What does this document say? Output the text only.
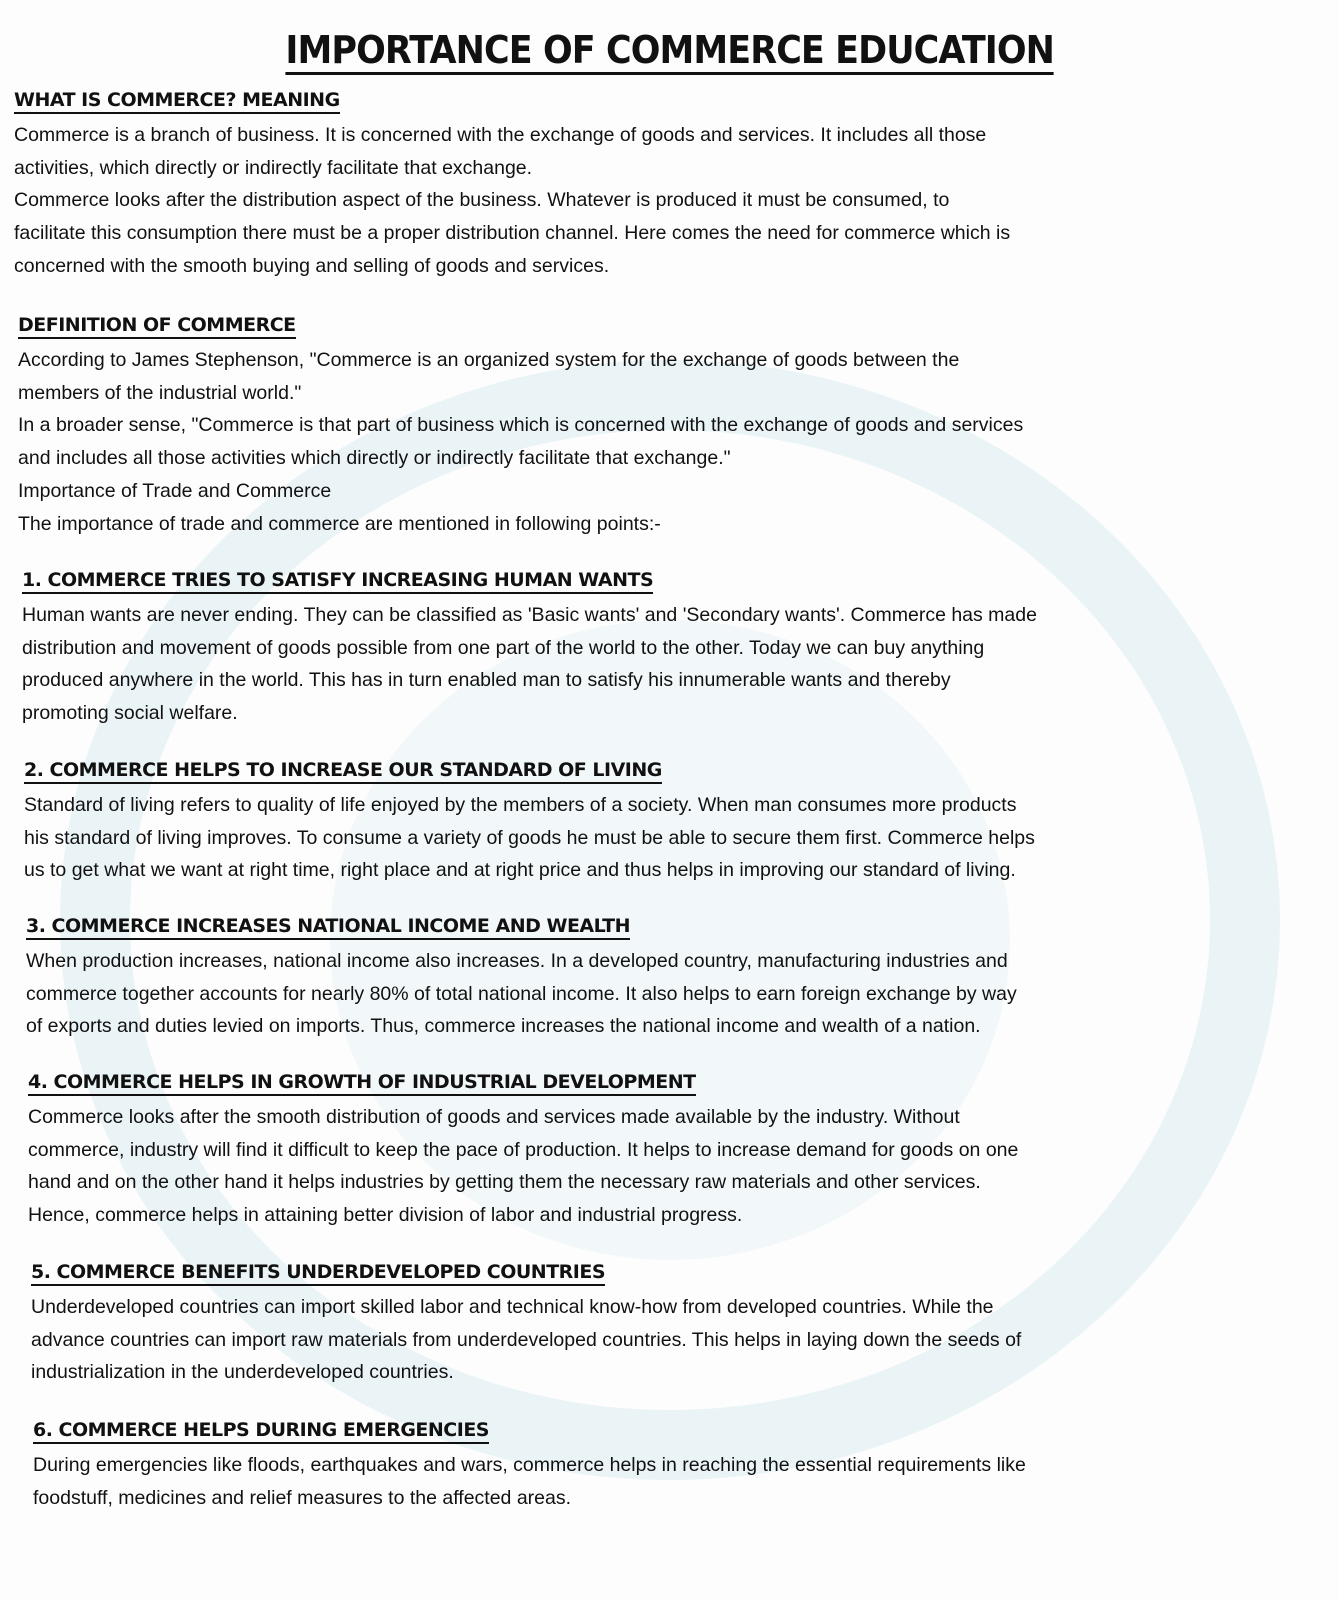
IMPORTANCE OF COMMERCE EDUCATION
WHAT IS COMMERCE? MEANING
Commerce is a branch of business. It is concerned with the exchange of goods and services. It includes all those
activities, which directly or indirectly facilitate that exchange.
Commerce looks after the distribution aspect of the business. Whatever is produced it must be consumed, to
facilitate this consumption there must be a proper distribution channel. Here comes the need for commerce which is
concerned with the smooth buying and selling of goods and services.
DEFINITION OF COMMERCE
According to James Stephenson, "Commerce is an organized system for the exchange of goods between the
members of the industrial world."
In a broader sense, "Commerce is that part of business which is concerned with the exchange of goods and services
and includes all those activities which directly or indirectly facilitate that exchange."
Importance of Trade and Commerce
The importance of trade and commerce are mentioned in following points:-
1. COMMERCE TRIES TO SATISFY INCREASING HUMAN WANTS
Human wants are never ending. They can be classified as 'Basic wants' and 'Secondary wants'. Commerce has made
distribution and movement of goods possible from one part of the world to the other. Today we can buy anything
produced anywhere in the world. This has in turn enabled man to satisfy his innumerable wants and thereby
promoting social welfare.
2. COMMERCE HELPS TO INCREASE OUR STANDARD OF LIVING
Standard of living refers to quality of life enjoyed by the members of a society. When man consumes more products
his standard of living improves. To consume a variety of goods he must be able to secure them first. Commerce helps
us to get what we want at right time, right place and at right price and thus helps in improving our standard of living.
3. COMMERCE INCREASES NATIONAL INCOME AND WEALTH
When production increases, national income also increases. In a developed country, manufacturing industries and
commerce together accounts for nearly 80% of total national income. It also helps to earn foreign exchange by way
of exports and duties levied on imports. Thus, commerce increases the national income and wealth of a nation.
4. COMMERCE HELPS IN GROWTH OF INDUSTRIAL DEVELOPMENT
Commerce looks after the smooth distribution of goods and services made available by the industry. Without
commerce, industry will find it difficult to keep the pace of production. It helps to increase demand for goods on one
hand and on the other hand it helps industries by getting them the necessary raw materials and other services.
Hence, commerce helps in attaining better division of labor and industrial progress.
5. COMMERCE BENEFITS UNDERDEVELOPED COUNTRIES
Underdeveloped countries can import skilled labor and technical know-how from developed countries. While the
advance countries can import raw materials from underdeveloped countries. This helps in laying down the seeds of
industrialization in the underdeveloped countries.
6. COMMERCE HELPS DURING EMERGENCIES
During emergencies like floods, earthquakes and wars, commerce helps in reaching the essential requirements like
foodstuff, medicines and relief measures to the affected areas.
